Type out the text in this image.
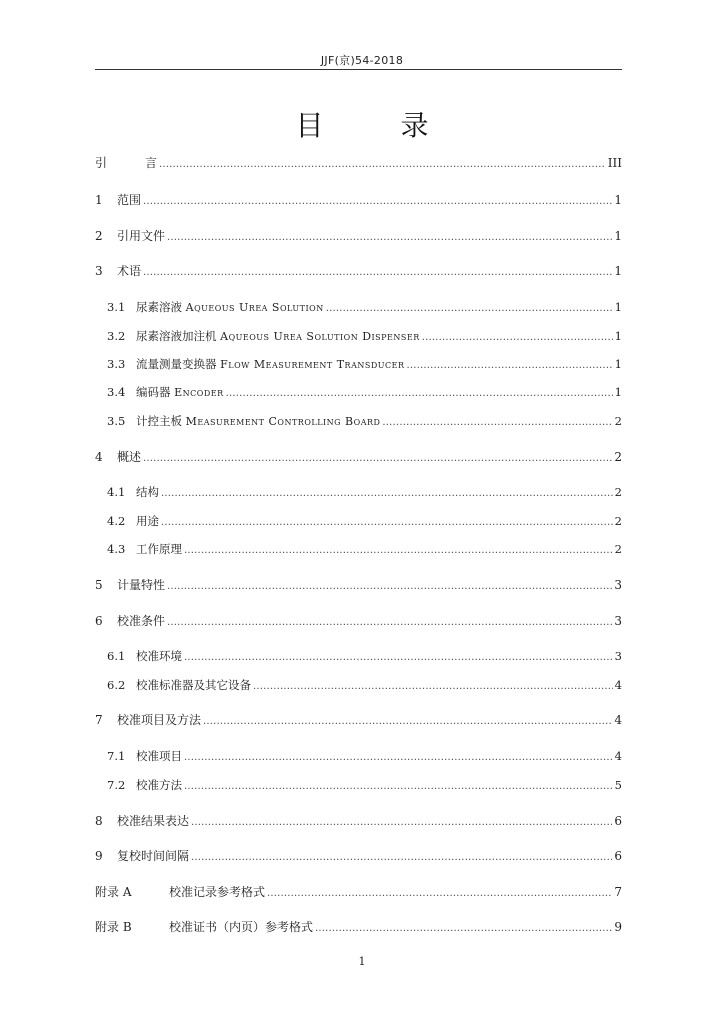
JJF(京)54-2018
目 录
引	言 .....	III
1	范围 .....	1
2	引用文件 .....	1
3	术语 .....	1
3.1 尿素溶液 Aqueous Urea Solution .....	1
3.2 尿素溶液加注机 Aqueous Urea Solution Dispenser .....	1
3.3 流量测量变换器 Flow Measurement Transducer .....	1
3.4 编码器 Encoder .....	1
3.5 计控主板 Measurement Controlling Board .....	2
4	概述 .....	2
4.1 结构 .....	2
4.2 用途 .....	2
4.3 工作原理 .....	2
5	计量特性 .....	3
6	校准条件 .....	3
6.1 校准环境 .....	3
6.2 校准标准器及其它设备 .....	4
7	校准项目及方法 .....	4
7.1 校准项目 .....	4
7.2 校准方法 .....	5
8	校准结果表达 .....	6
9	复校时间间隔 .....	6
附录 A	校准记录参考格式 .....	7
附录 B	校准证书（内页）参考格式 .....	9
1
